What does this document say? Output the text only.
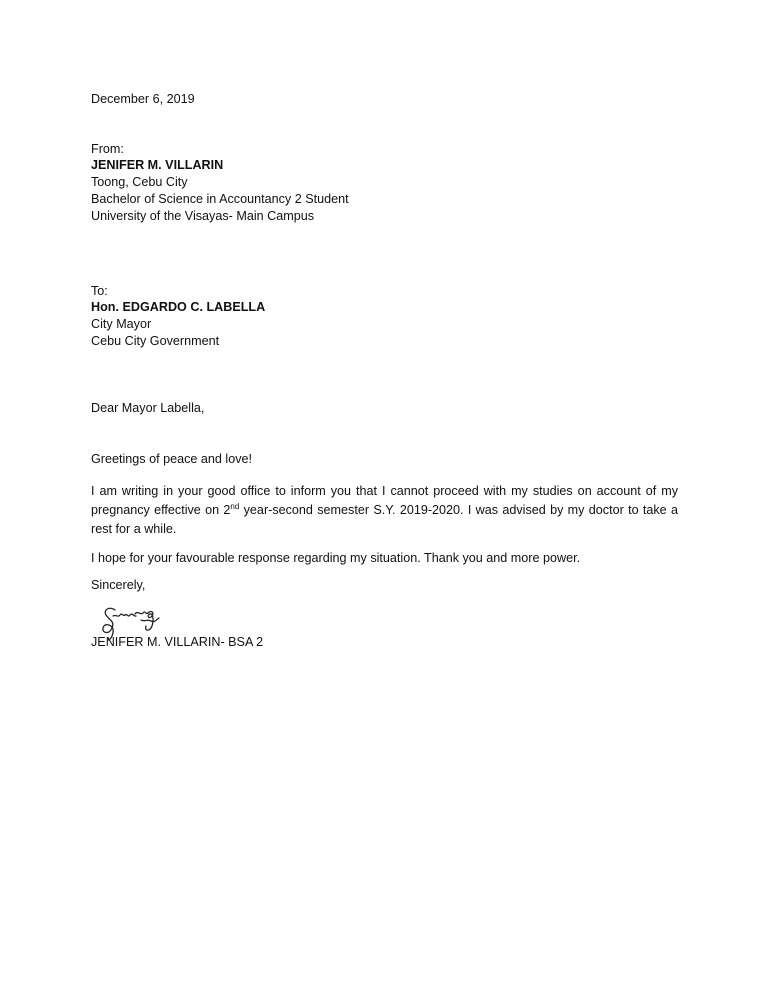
December 6, 2019
From:
JENIFER M. VILLARIN
Toong, Cebu City
Bachelor of Science in Accountancy 2 Student
University of the Visayas- Main Campus
To:
Hon. EDGARDO C. LABELLA
City Mayor
Cebu City Government
Dear Mayor Labella,
Greetings of peace and love!
I am writing in your good office to inform you that I cannot proceed with my studies on account of my pregnancy effective on 2nd year-second semester S.Y. 2019-2020. I was advised by my doctor to take a rest for a while.
I hope for your favourable response regarding my situation. Thank you and more power.
Sincerely,
JENIFER M. VILLARIN- BSA 2
